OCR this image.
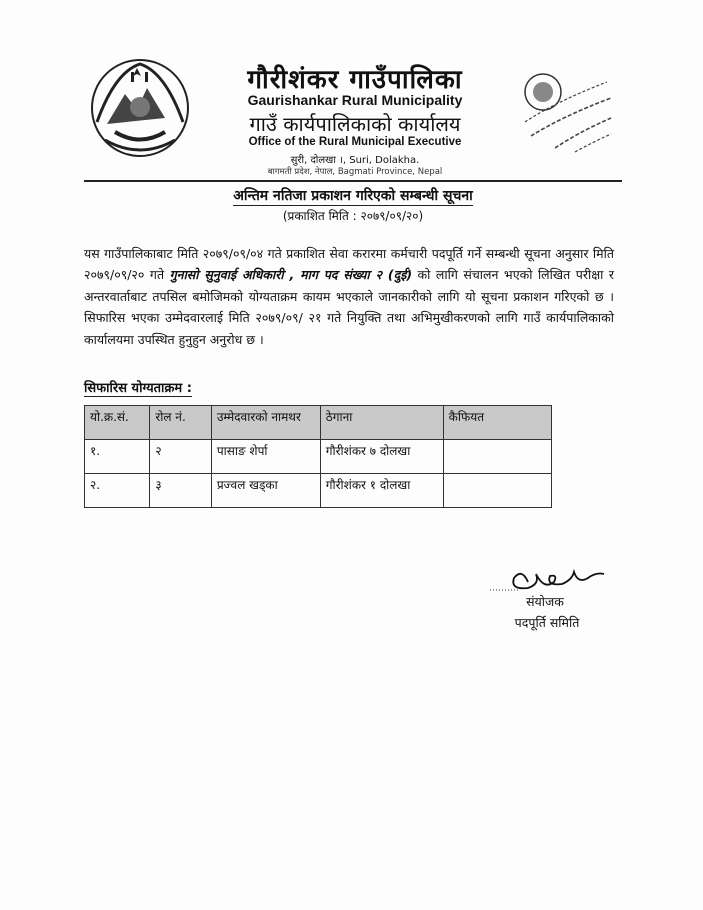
गौरीशंकर गाउँपालिका
Gaurishankar Rural Municipality
गाउँ कार्यपालिकाको कार्यालय
Office of the Rural Municipal Executive
सुरी, दोलखा ।, Suri, Dolakha.
बागमती प्रदेश, नेपाल, Bagmati Province, Nepal
अन्तिम नतिजा प्रकाशन गरिएको सम्बन्धी सूचना
(प्रकाशित मिति : २०७९/०९/२०)
यस गाउँपालिकाबाट मिति २०७९/०९/०४ गते प्रकाशित सेवा करारमा कर्मचारी पदपूर्ति गर्ने सम्बन्धी सूचना अनुसार मिति २०७९/०९/२० गते गुनासो सुनुवाई अधिकारी , माग पद संख्या २ (दुई) को लागि संचालन भएको लिखित परीक्षा र अन्तरवार्ताबाट तपसिल बमोजिमको योग्यताक्रम कायम भएकाले जानकारीको लागि यो सूचना प्रकाशन गरिएको छ । सिफारिस भएका उम्मेदवारलाई मिति २०७९/०९/ २१ गते नियुक्ति तथा अभिमुखीकरणको लागि गाउँ कार्यपालिकाको कार्यालयमा उपस्थित हुनुहुन अनुरोध छ ।
सिफारिस योग्यताक्रम :
यो.क्र.सं.	रोल नं.	उम्मेदवारको नामथर	ठेगाना	कैफियत
१.	२	पासाङ शेर्पा	गौरीशंकर ७ दोलखा	
२.	३	प्रज्वल खड्का	गौरीशंकर १ दोलखा	
संयोजक
पदपूर्ति समिति
